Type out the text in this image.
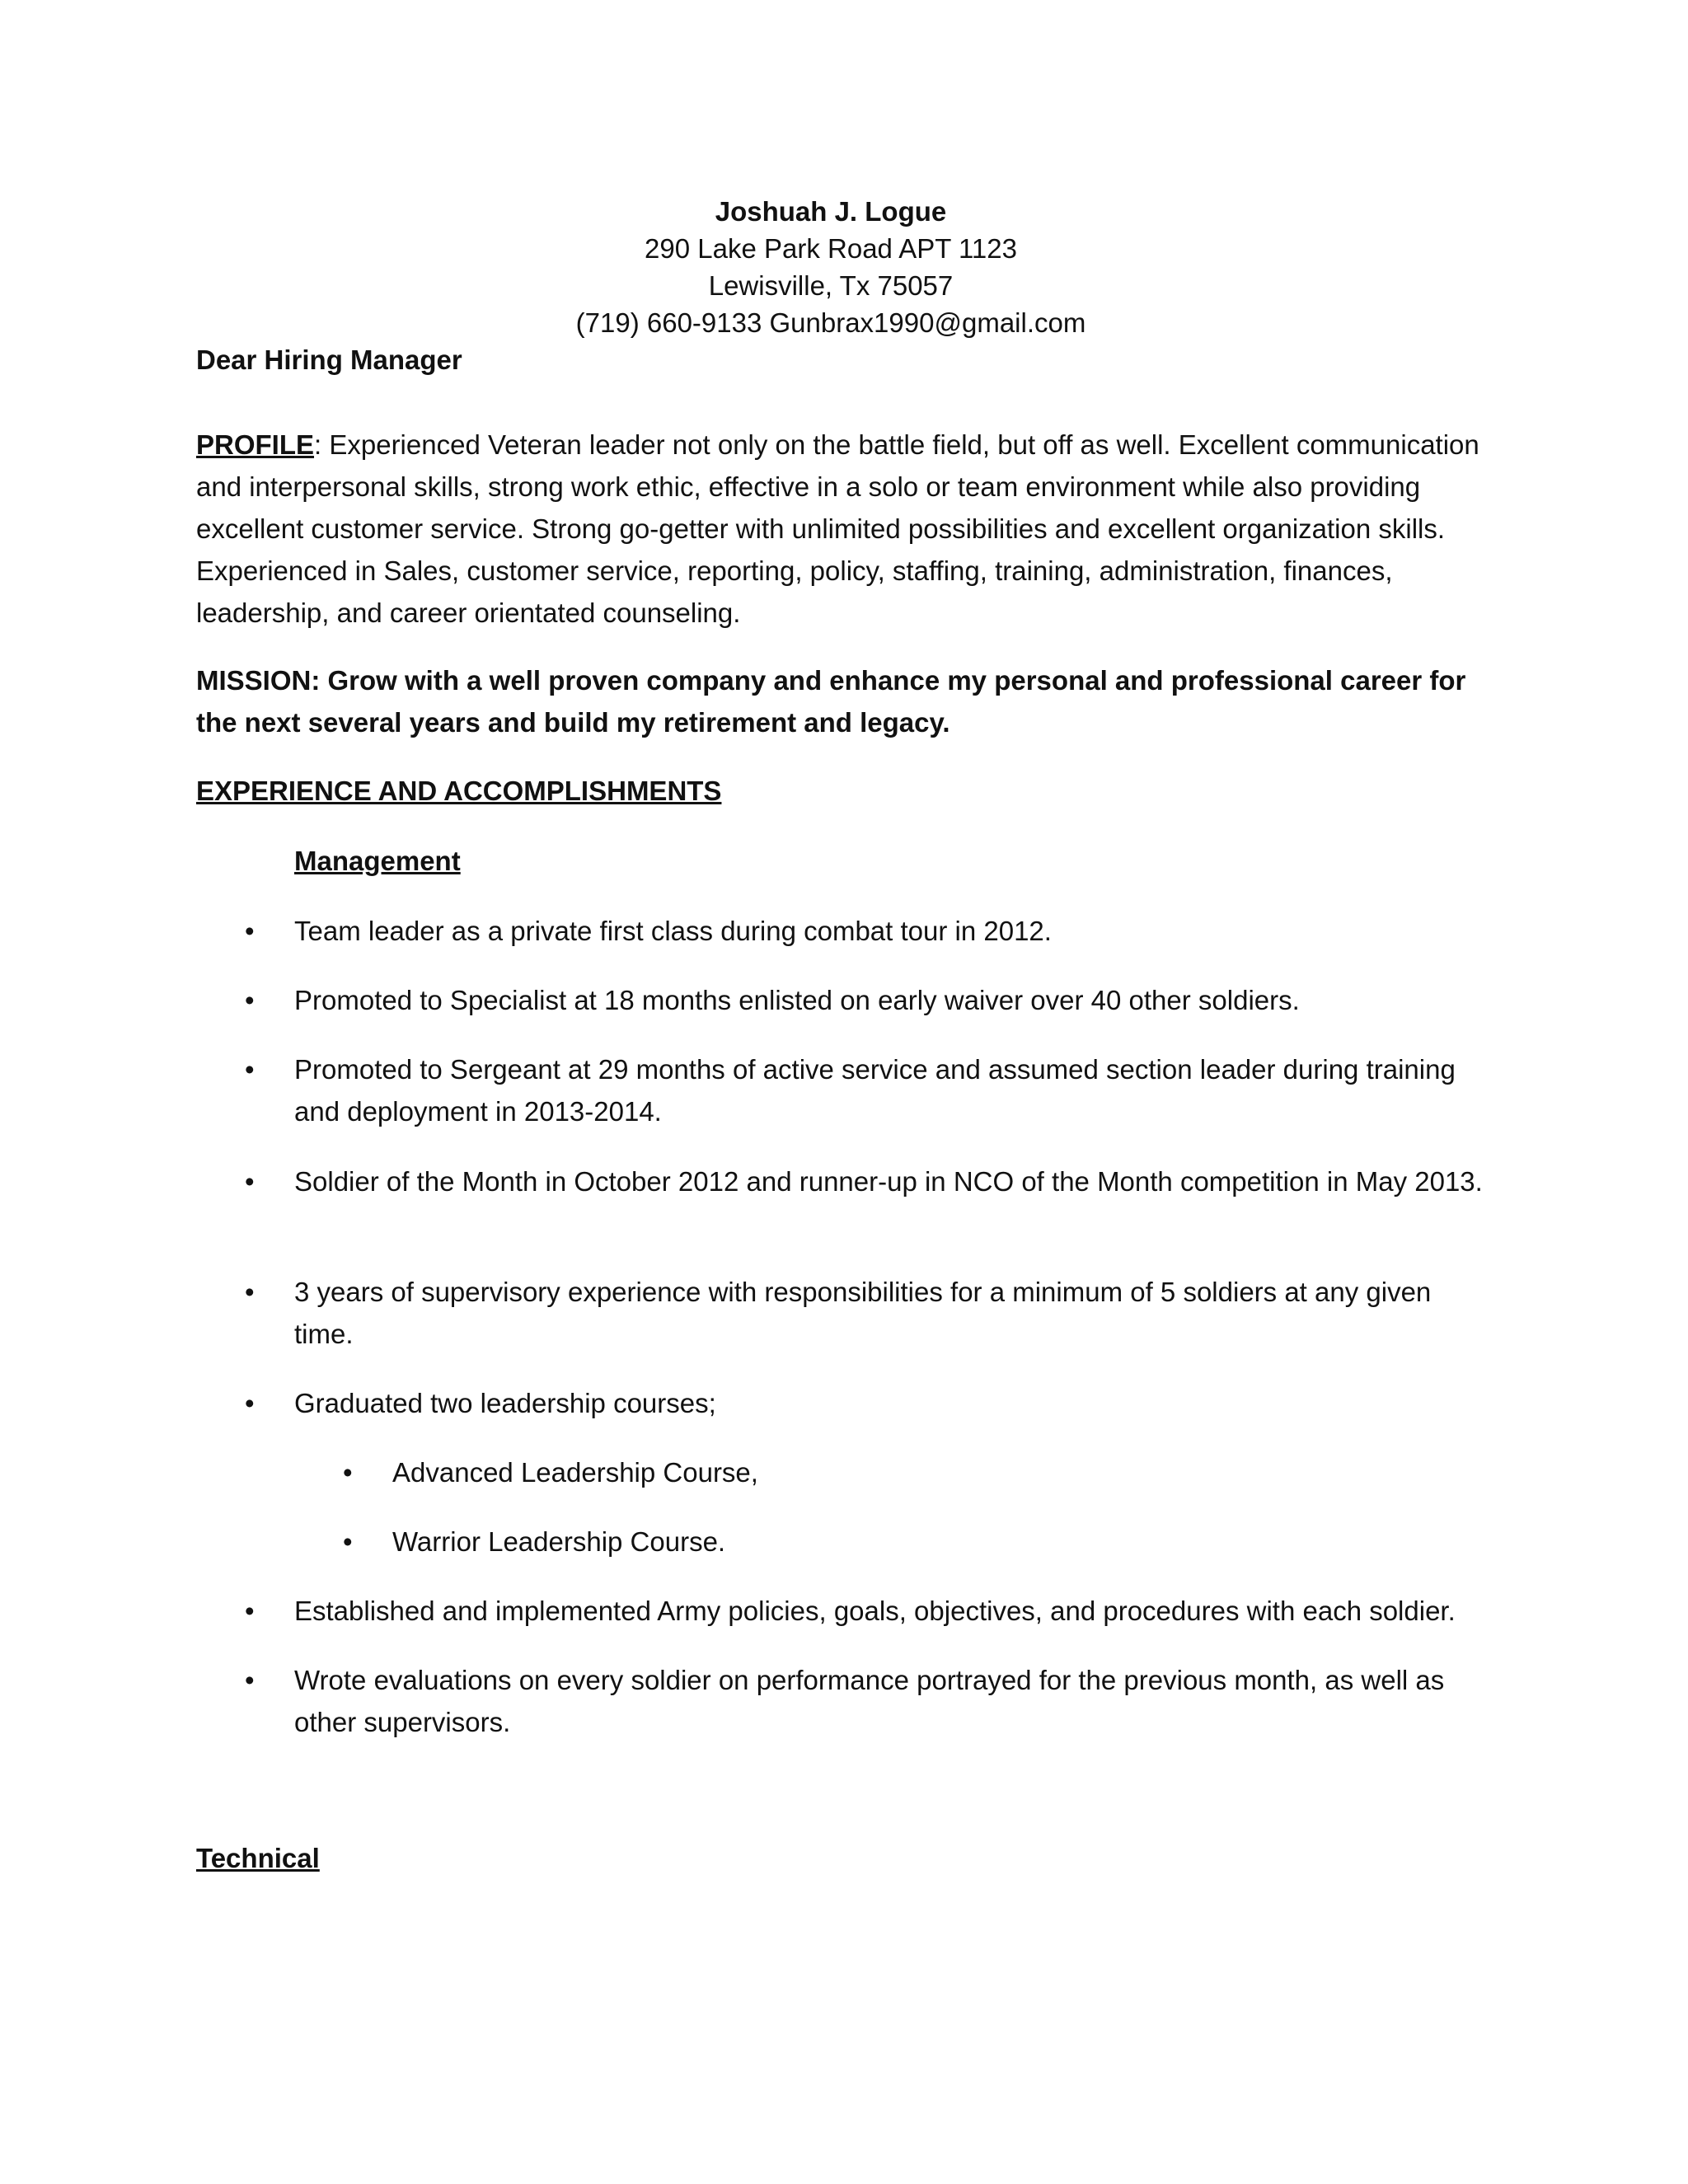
Joshuah J. Logue
290 Lake Park Road APT 1123
Lewisville, Tx 75057
(719) 660-9133 Gunbrax1990@gmail.com
Dear Hiring Manager
PROFILE: Experienced Veteran leader not only on the battle field, but off as well. Excellent communication and interpersonal skills, strong work ethic, effective in a solo or team environment while also providing excellent customer service. Strong go-getter with unlimited possibilities and excellent organization skills. Experienced in Sales, customer service, reporting, policy, staffing, training, administration, finances, leadership, and career orientated counseling.
MISSION: Grow with a well proven company and enhance my personal and professional career for the next several years and build my retirement and legacy.
EXPERIENCE AND ACCOMPLISHMENTS
Management
• Team leader as a private first class during combat tour in 2012.
• Promoted to Specialist at 18 months enlisted on early waiver over 40 other soldiers.
• Promoted to Sergeant at 29 months of active service and assumed section leader during training and deployment in 2013-2014.
• Soldier of the Month in October 2012 and runner-up in NCO of the Month competition in May 2013.
• 3 years of supervisory experience with responsibilities for a minimum of 5 soldiers at any given time.
• Graduated two leadership courses;
• Advanced Leadership Course,
• Warrior Leadership Course.
• Established and implemented Army policies, goals, objectives, and procedures with each soldier.
• Wrote evaluations on every soldier on performance portrayed for the previous month, as well as other supervisors.
Technical
